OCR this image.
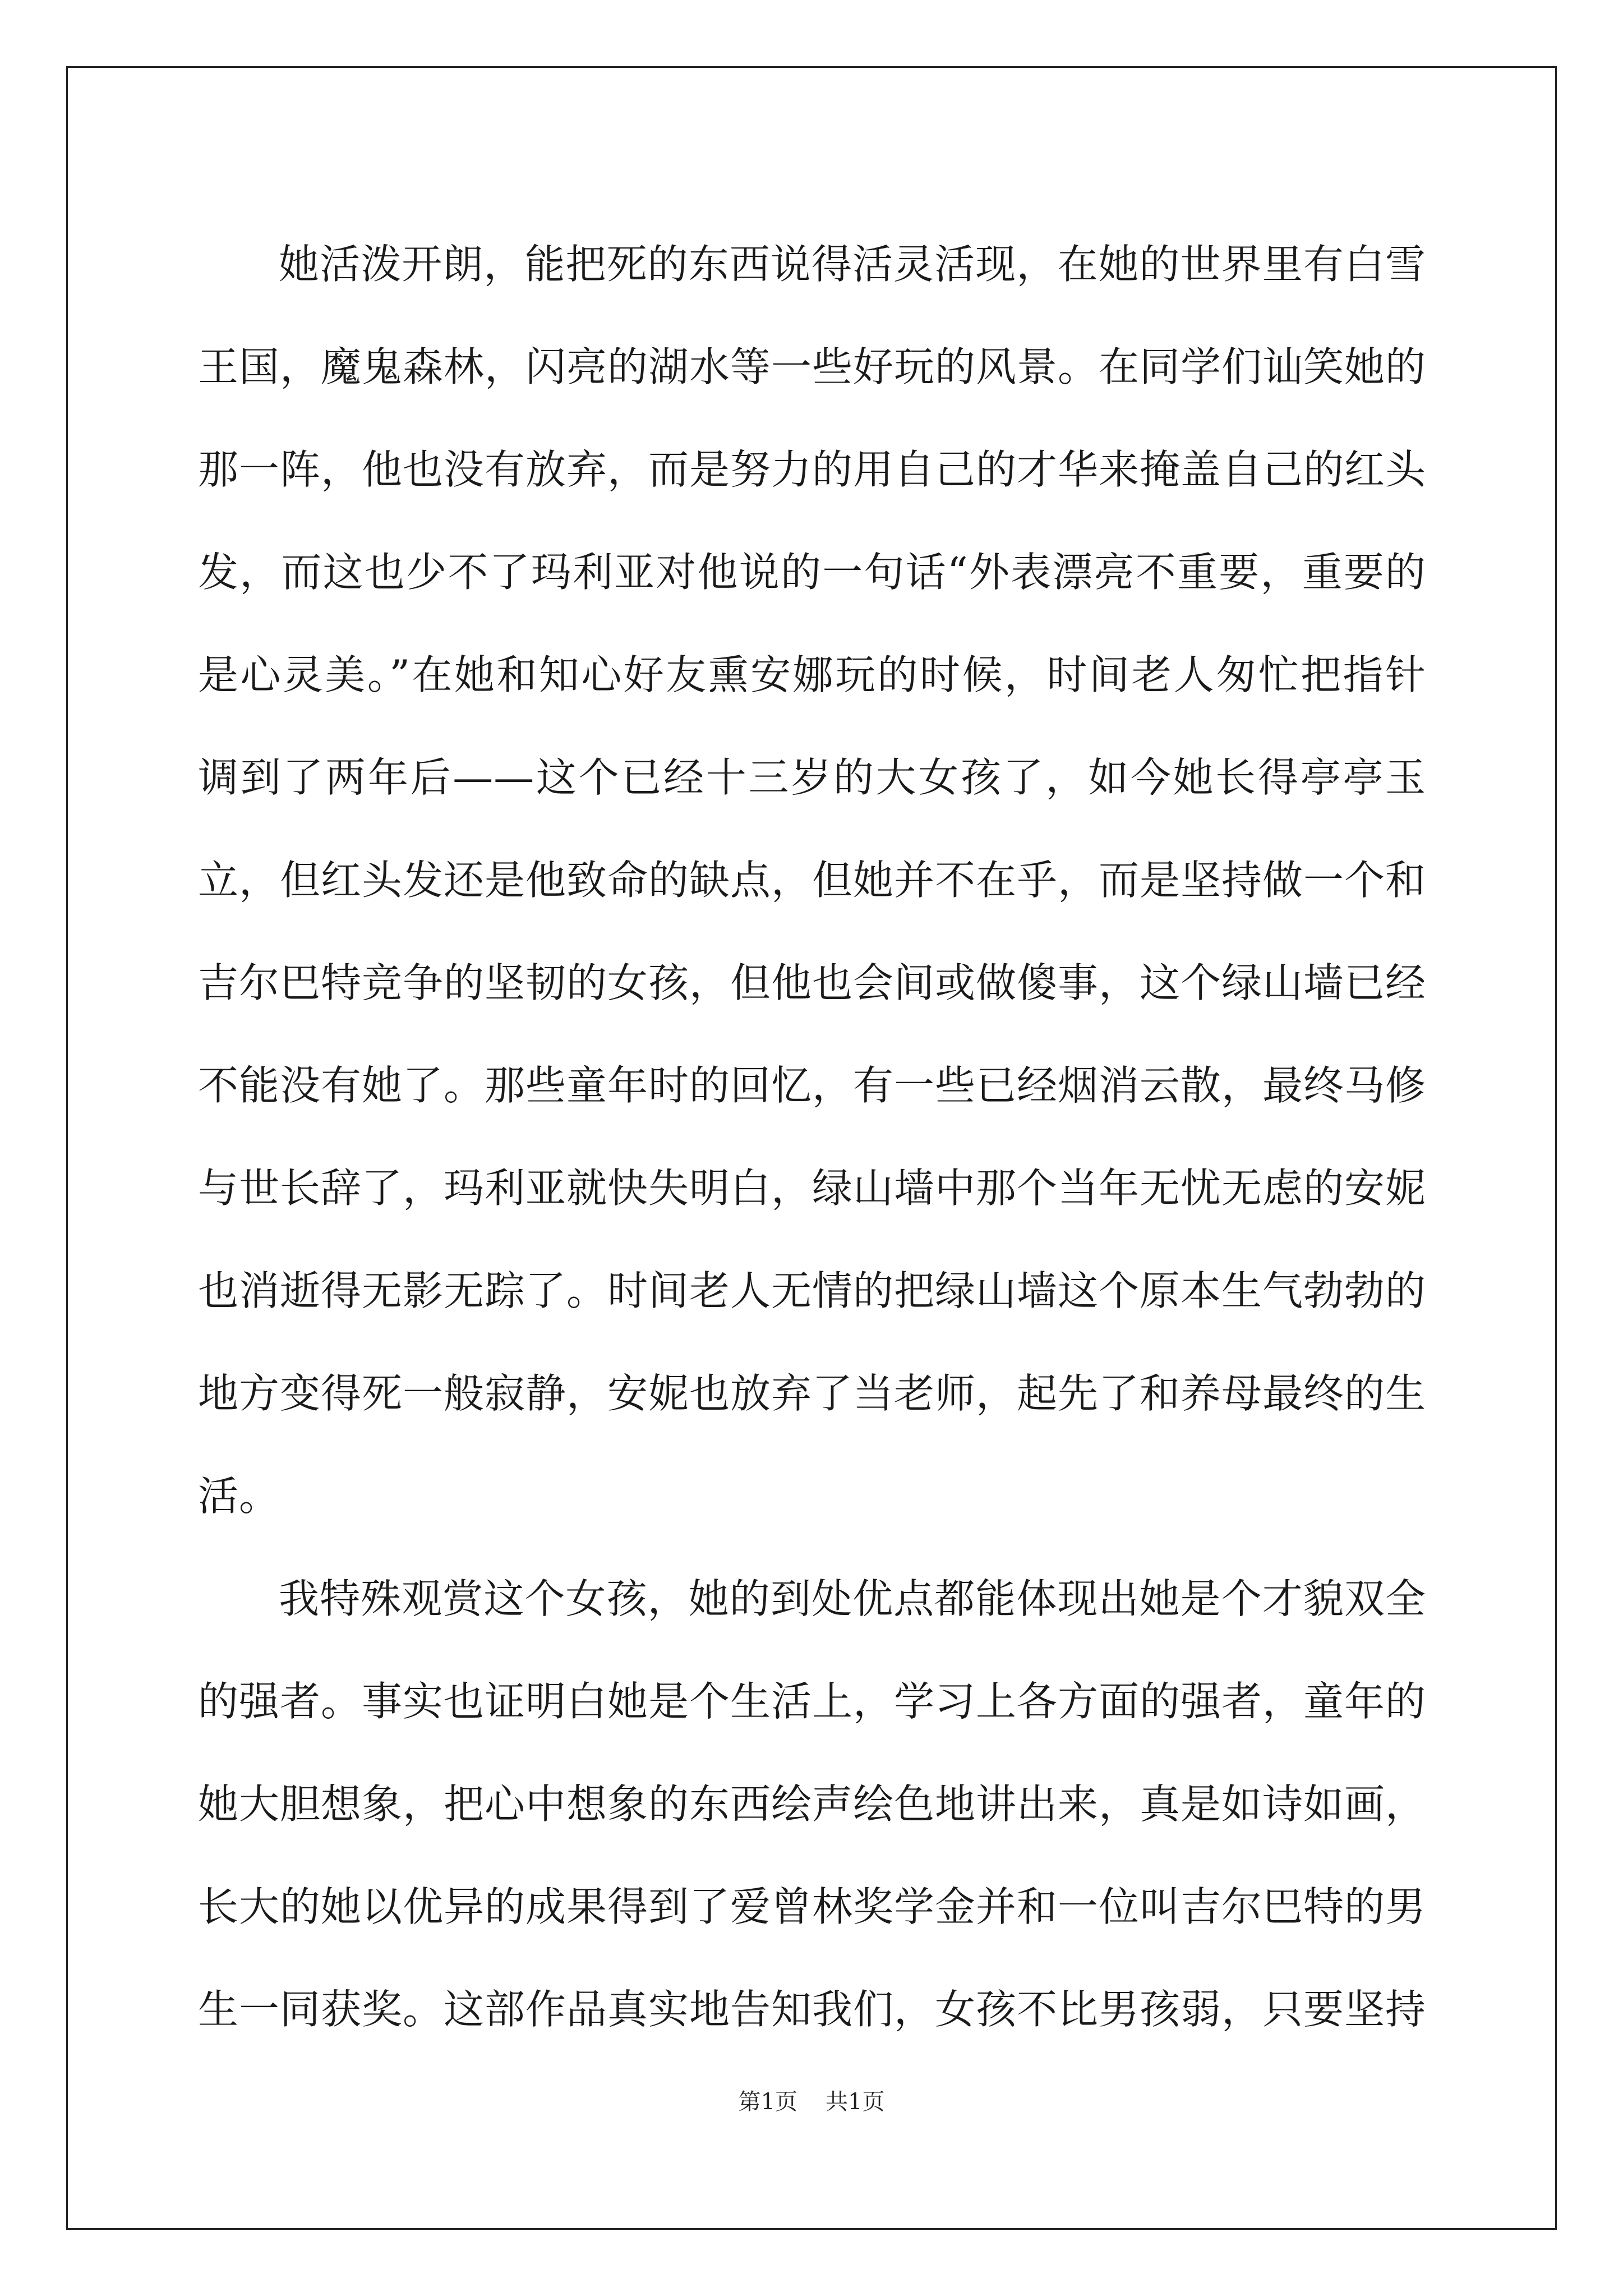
她活泼开朗，能把死的东西说得活灵活现，在她的世界里有白雪王国，魔鬼森林，闪亮的湖水等一些好玩的风景。在同学们讪笑她的那一阵，他也没有放弃，而是努力的用自己的才华来掩盖自己的红头发，而这也少不了玛利亚对他说的一句话“外表漂亮不重要，重要的是心灵美。”在她和知心好友熏安娜玩的时候，时间老人匆忙把指针调到了两年后——这个已经十三岁的大女孩了，如今她长得亭亭玉立，但红头发还是他致命的缺点，但她并不在乎，而是坚持做一个和吉尔巴特竞争的坚韧的女孩，但他也会间或做傻事，这个绿山墙已经不能没有她了。那些童年时的回忆，有一些已经烟消云散，最终马修与世长辞了，玛利亚就快失明白，绿山墙中那个当年无忧无虑的安妮也消逝得无影无踪了。时间老人无情的把绿山墙这个原本生气勃勃的地方变得死一般寂静，安妮也放弃了当老师，起先了和养母最终的生活。

我特殊观赏这个女孩，她的到处优点都能体现出她是个才貌双全的强者。事实也证明白她是个生活上，学习上各方面的强者，童年的她大胆想象，把心中想象的东西绘声绘色地讲出来，真是如诗如画，长大的她以优异的成果得到了爱曾林奖学金并和一位叫吉尔巴特的男生一同获奖。这部作品真实地告知我们，女孩不比男孩弱，只要坚持

第1页 共1页
